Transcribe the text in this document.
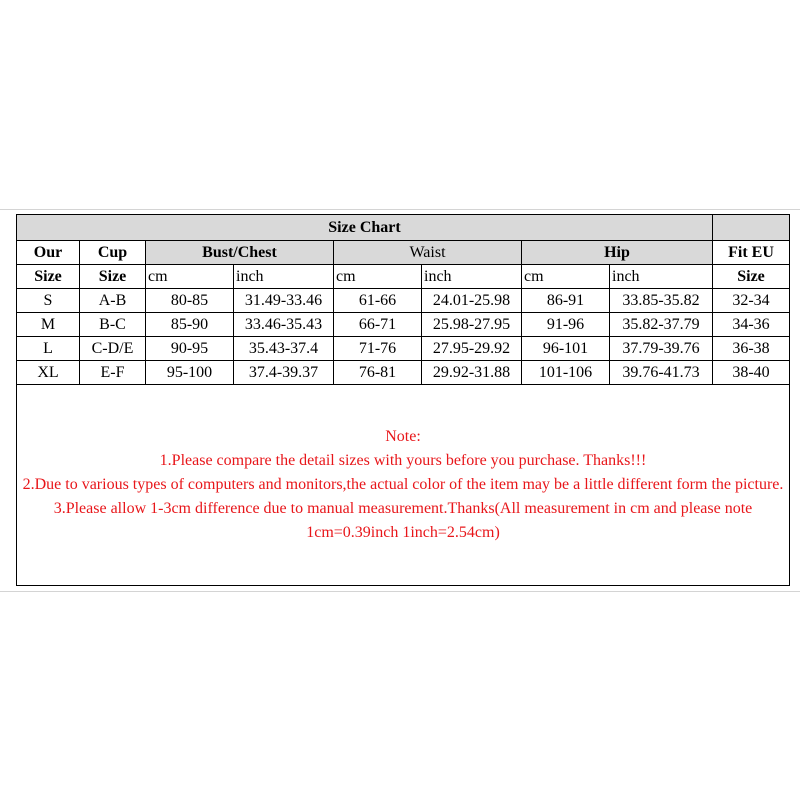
Size Chart								
Our	Cup	Bust/Chest		Waist		Hip		Fit EU
Size	Size	cm	inch	cm	inch	cm	inch	Size
S	A-B	80-85	31.49-33.46	61-66	24.01-25.98	86-91	33.85-35.82	32-34
M	B-C	85-90	33.46-35.43	66-71	25.98-27.95	91-96	35.82-37.79	34-36
L	C-D/E	90-95	35.43-37.4	71-76	27.95-29.92	96-101	37.79-39.76	36-38
XL	E-F	95-100	37.4-39.37	76-81	29.92-31.88	101-106	39.76-41.73	38-40

Note:
1.Please compare the detail sizes with yours before you purchase. Thanks!!!
2.Due to various types of computers and monitors,the actual color of the item may be a little different form the picture.
3.Please allow 1-3cm difference due to manual measurement.Thanks(All measurement in cm and please note 1cm=0.39inch 1inch=2.54cm)								
